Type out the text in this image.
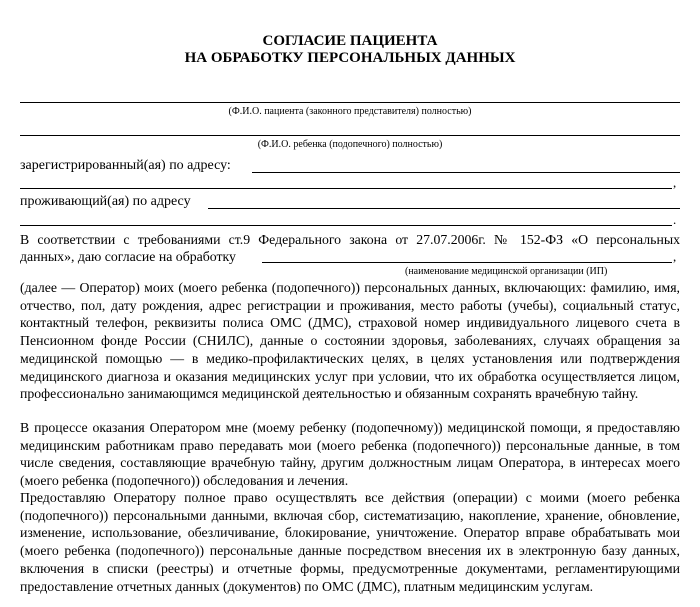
СОГЛАСИЕ ПАЦИЕНТА
НА ОБРАБОТКУ ПЕРСОНАЛЬНЫХ ДАННЫХ
(Ф.И.О. пациента (законного представителя) полностью)
(Ф.И.О. ребенка (подопечного) полностью)
зарегистрированный(ая) по адресу:
,
проживающий(ая) по адресу
.
В соответствии с требованиями ст.9 Федерального закона от 27.07.2006г. № 152-ФЗ «О персональных
данных», даю согласие на обработку	,
(наименование медицинской организации (ИП)
(далее — Оператор) моих (моего ребенка (подопечного)) персональных данных, включающих: фамилию, имя, отчество, пол, дату рождения, адрес регистрации и проживания, место работы (учебы), социальный статус, контактный телефон, реквизиты полиса ОМС (ДМС), страховой номер индивидуального лицевого счета в Пенсионном фонде России (СНИЛС), данные о состоянии здоровья, заболеваниях, случаях обращения за медицинской помощью — в медико-профилактических целях, в целях установления или подтверждения медицинского диагноза и оказания медицинских услуг при условии, что их обработка осуществляется лицом, профессионально занимающимся медицинской деятельностью и обязанным сохранять врачебную тайну.
В процессе оказания Оператором мне (моему ребенку (подопечному)) медицинской помощи, я предоставляю медицинским работникам право передавать мои (моего ребенка (подопечного)) персональные данные, в том числе сведения, составляющие врачебную тайну, другим должностным лицам Оператора, в интересах моего (моего ребенка (подопечного)) обследования и лечения.
Предоставляю Оператору полное право осуществлять все действия (операции) с моими (моего ребенка (подопечного)) персональными данными, включая сбор, систематизацию, накопление, хранение, обновление, изменение, использование, обезличивание, блокирование, уничтожение. Оператор вправе обрабатывать мои (моего ребенка (подопечного)) персональные данные посредством внесения их в электронную базу данных, включения в списки (реестры) и отчетные формы, предусмотренные документами, регламентирующими предоставление отчетных данных (документов) по ОМС (ДМС), платным медицинским услугам.
